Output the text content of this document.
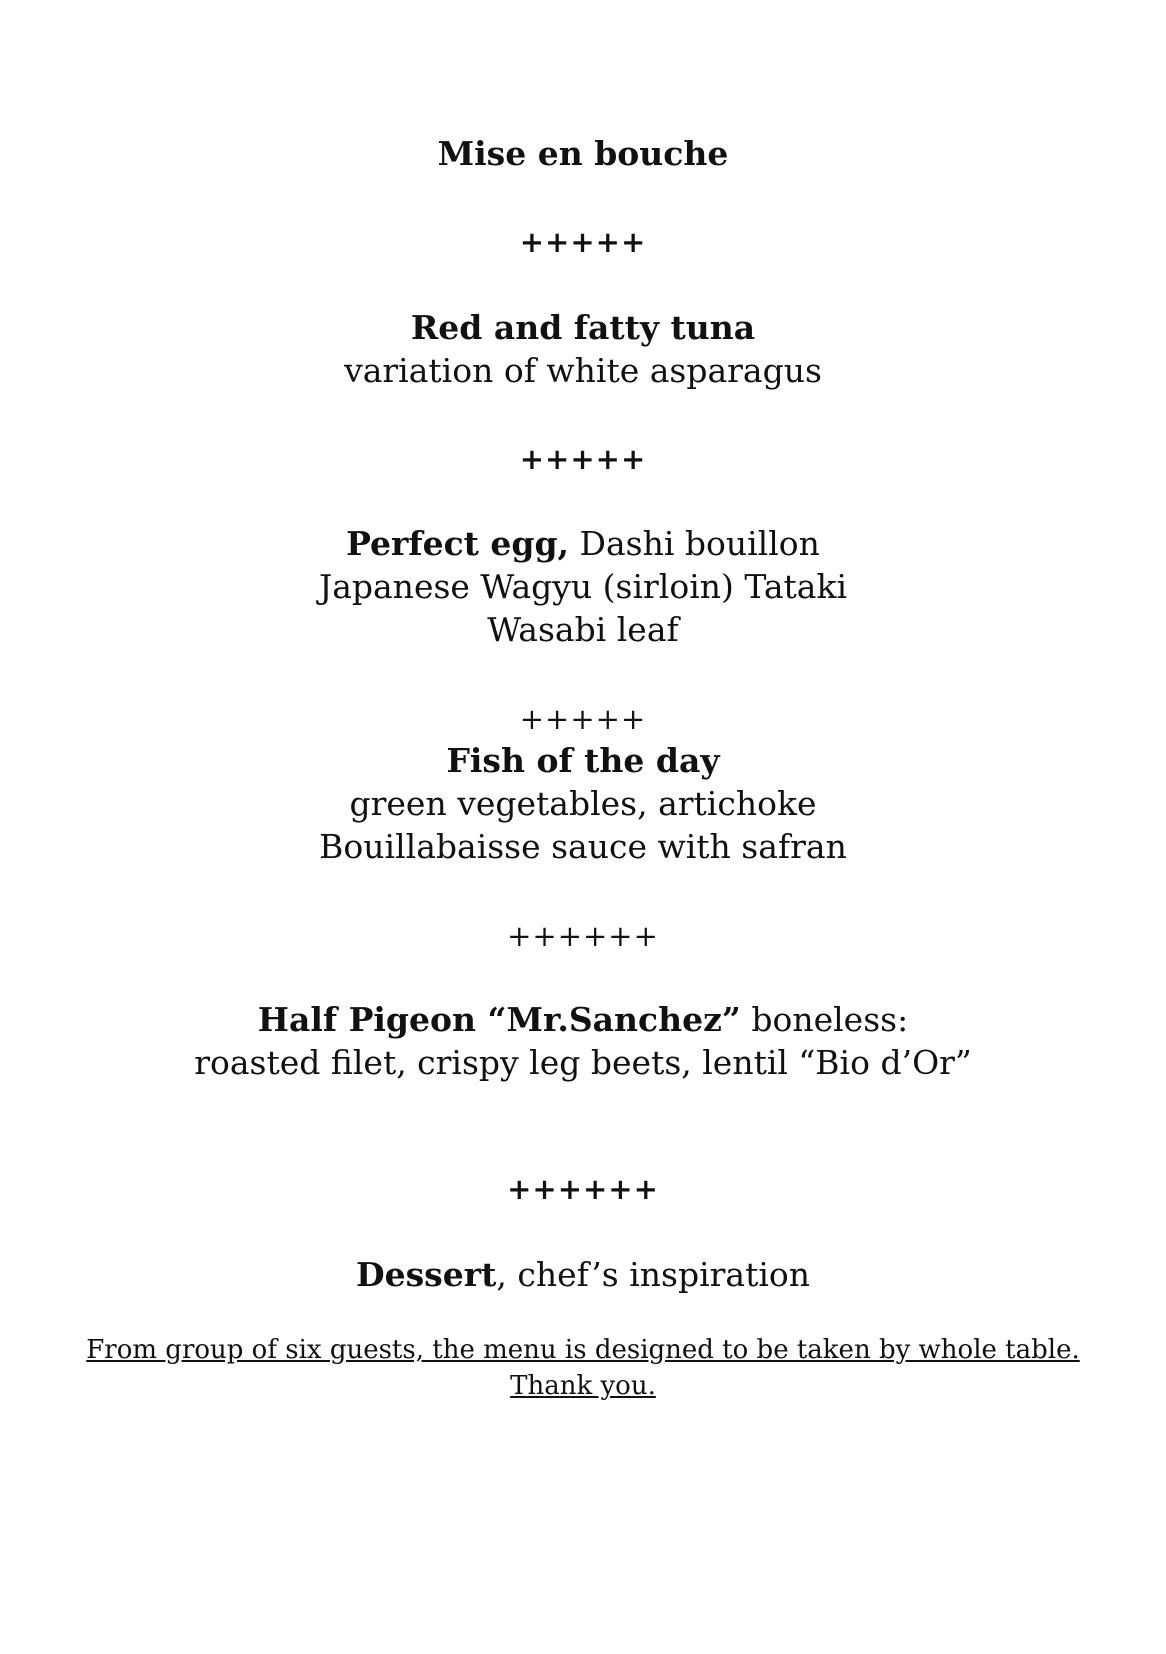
Mise en bouche
+++++
Red and fatty tuna
variation of white asparagus
+++++
Perfect egg, Dashi bouillon
Japanese Wagyu (sirloin) Tataki
Wasabi leaf
+++++
Fish of the day
green vegetables, artichoke
Bouillabaisse sauce with safran
++++++
Half Pigeon “Mr.Sanchez” boneless:
roasted filet, crispy leg beets, lentil “Bio d’Or”
++++++
Dessert, chef’s inspiration
From group of six guests, the menu is designed to be taken by whole table.
Thank you.
